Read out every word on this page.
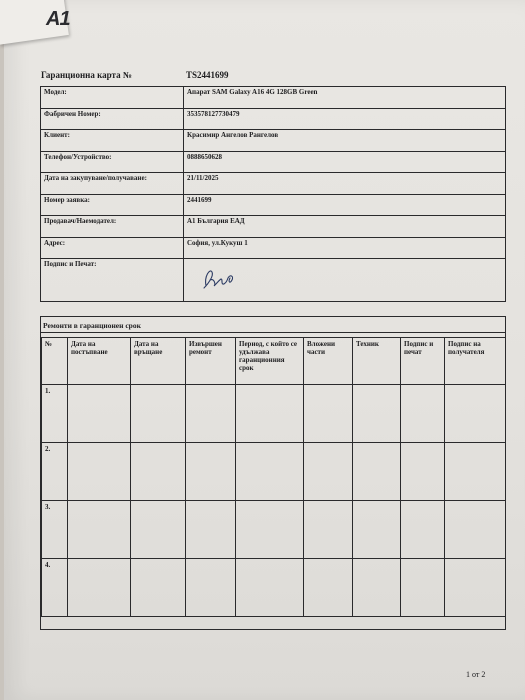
A1
Гаранционна карта №	TS2441699
Модел:	Апарат SAM Galaxy A16 4G 128GB Green
Фабричен Номер:	353578127730479
Клиент:	Красимир Ангелов Рангелов
Телефон/Устройство:	0888650628
Дата на закупуване/получаване:	21/11/2025
Номер заявка:	2441699
Продавач/Наемодател:	А1 България ЕАД
Адрес:	София, ул.Кукуш 1
Подпис и Печат:	
Ремонти в гаранционен срок
№	Дата на постъпване	Дата на връщане	Извършен ремонт	Период, с който се удължава гаранционния срок	Вложени части	Техник	Подпис и печат	Подпис на получателя
1.								
2.								
3.								
4.								
1 от 2
